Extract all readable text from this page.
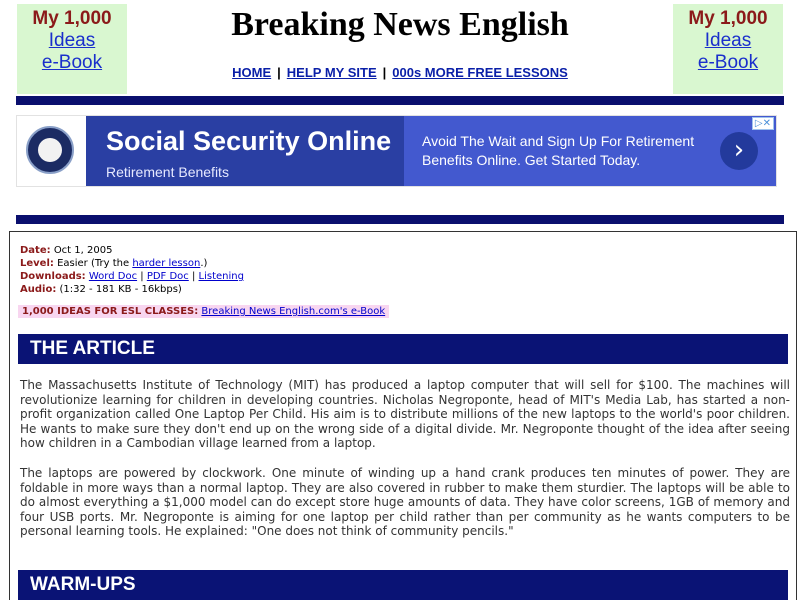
My 1,000
Ideas
e-Book
My 1,000
Ideas
e-Book
Breaking News English
HOME | HELP MY SITE | 000s MORE FREE LESSONS
Social Security Online
Retirement Benefits
Avoid The Wait and Sign Up For Retirement Benefits Online. Get Started Today.	›
▷✕
Date: Oct 1, 2005
Level: Easier (Try the harder lesson.)
Downloads: Word Doc | PDF Doc | Listening
Audio: (1:32 - 181 KB - 16kbps)
1,000 IDEAS FOR ESL CLASSES: Breaking News English.com's e-Book
THE ARTICLE
The Massachusetts Institute of Technology (MIT) has produced a laptop computer that will sell for $100. The machines will revolutionize learning for children in developing countries. Nicholas Negroponte, head of MIT's Media Lab, has started a non-profit organization called One Laptop Per Child. His aim is to distribute millions of the new laptops to the world's poor children. He wants to make sure they don't end up on the wrong side of a digital divide. Mr. Negroponte thought of the idea after seeing how children in a Cambodian village learned from a laptop.
The laptops are powered by clockwork. One minute of winding up a hand crank produces ten minutes of power. They are foldable in more ways than a normal laptop. They are also covered in rubber to make them sturdier. The laptops will be able to do almost everything a $1,000 model can do except store huge amounts of data. They have color screens, 1GB of memory and four USB ports. Mr. Negroponte is aiming for one laptop per child rather than per community as he wants computers to be personal learning tools. He explained: "One does not think of community pencils."
WARM-UPS
